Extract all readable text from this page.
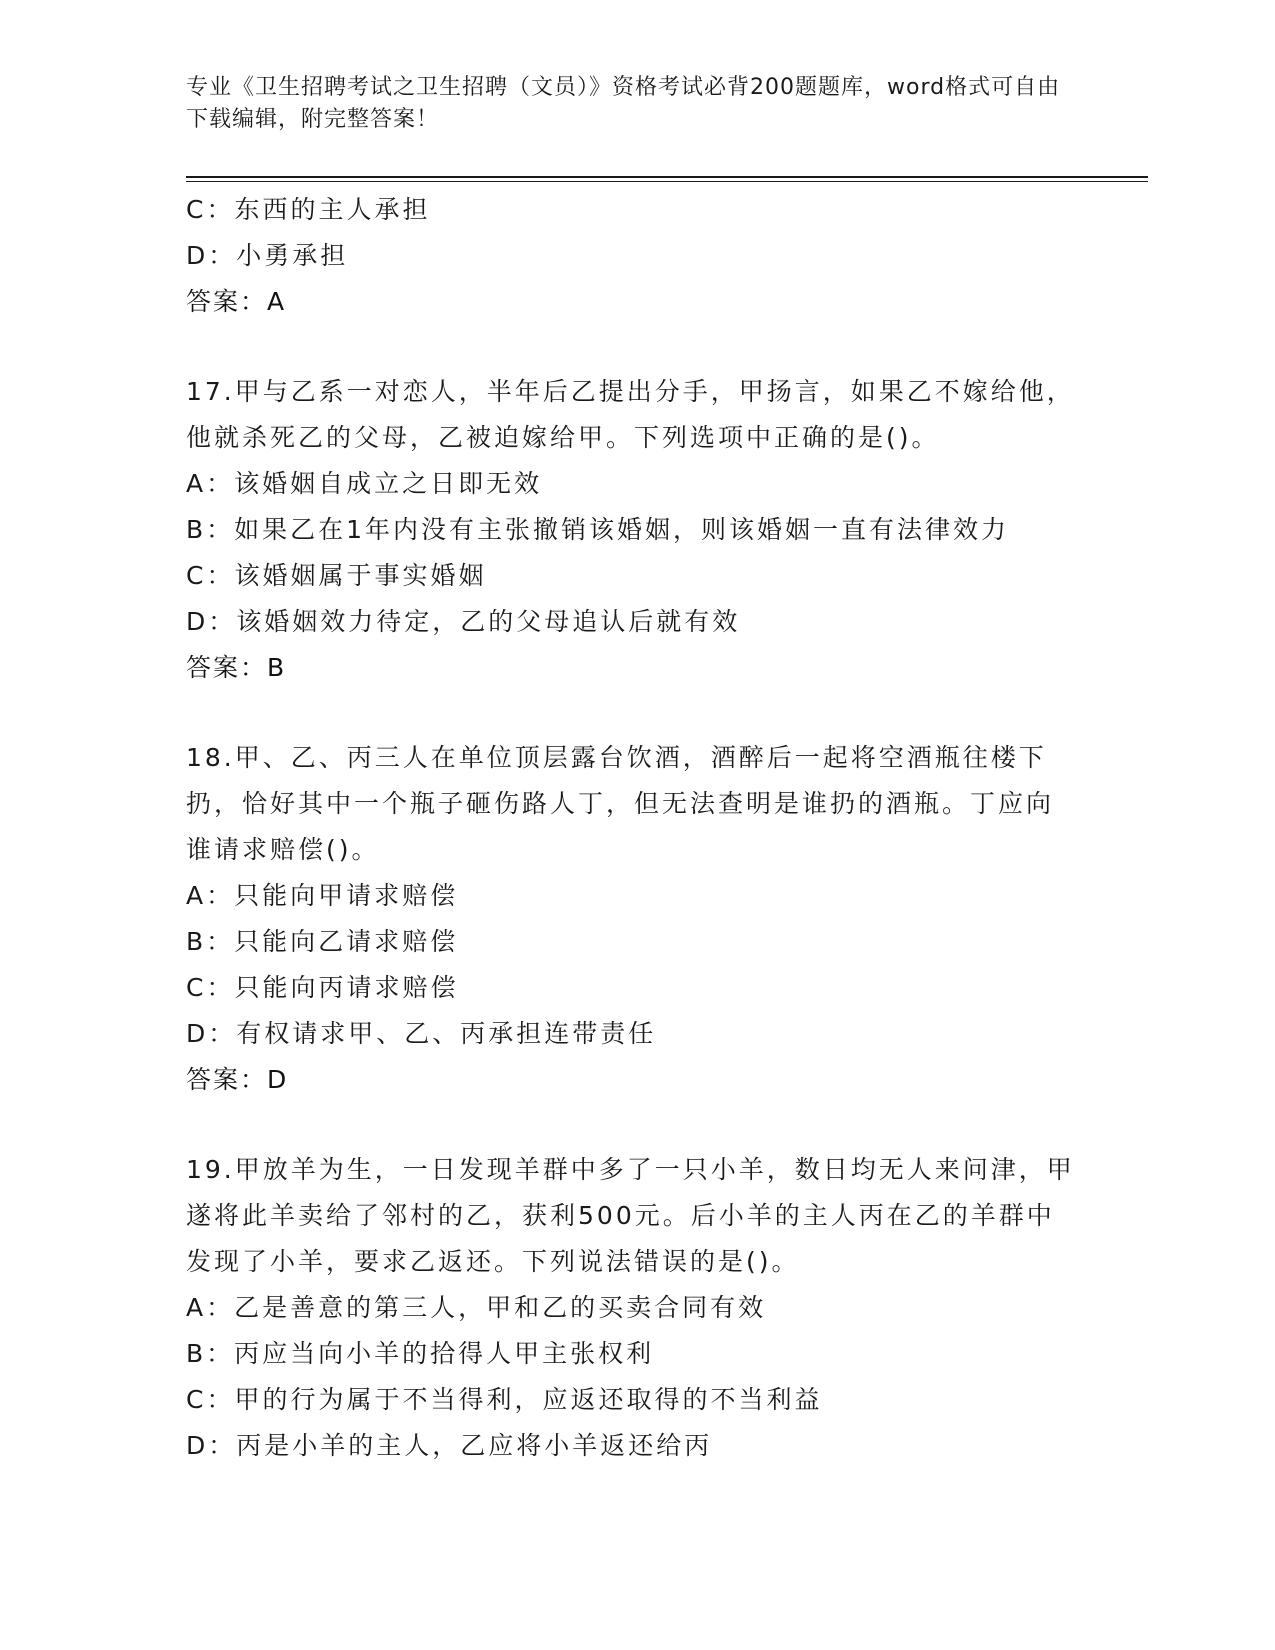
专业《卫生招聘考试之卫生招聘（文员）》资格考试必背200题题库，word格式可自由下载编辑，附完整答案！
C：东西的主人承担
D：小勇承担
答案：A
17.甲与乙系一对恋人，半年后乙提出分手，甲扬言，如果乙不嫁给他，他就杀死乙的父母，乙被迫嫁给甲。下列选项中正确的是()。
A：该婚姻自成立之日即无效
B：如果乙在1年内没有主张撤销该婚姻，则该婚姻一直有法律效力
C：该婚姻属于事实婚姻
D：该婚姻效力待定，乙的父母追认后就有效
答案：B
18.甲、乙、丙三人在单位顶层露台饮酒，酒醉后一起将空酒瓶往楼下扔，恰好其中一个瓶子砸伤路人丁，但无法查明是谁扔的酒瓶。丁应向谁请求赔偿()。
A：只能向甲请求赔偿
B：只能向乙请求赔偿
C：只能向丙请求赔偿
D：有权请求甲、乙、丙承担连带责任
答案：D
19.甲放羊为生，一日发现羊群中多了一只小羊，数日均无人来问津，甲遂将此羊卖给了邻村的乙，获利500元。后小羊的主人丙在乙的羊群中发现了小羊，要求乙返还。下列说法错误的是()。
A：乙是善意的第三人，甲和乙的买卖合同有效
B：丙应当向小羊的拾得人甲主张权利
C：甲的行为属于不当得利，应返还取得的不当利益
D：丙是小羊的主人，乙应将小羊返还给丙
